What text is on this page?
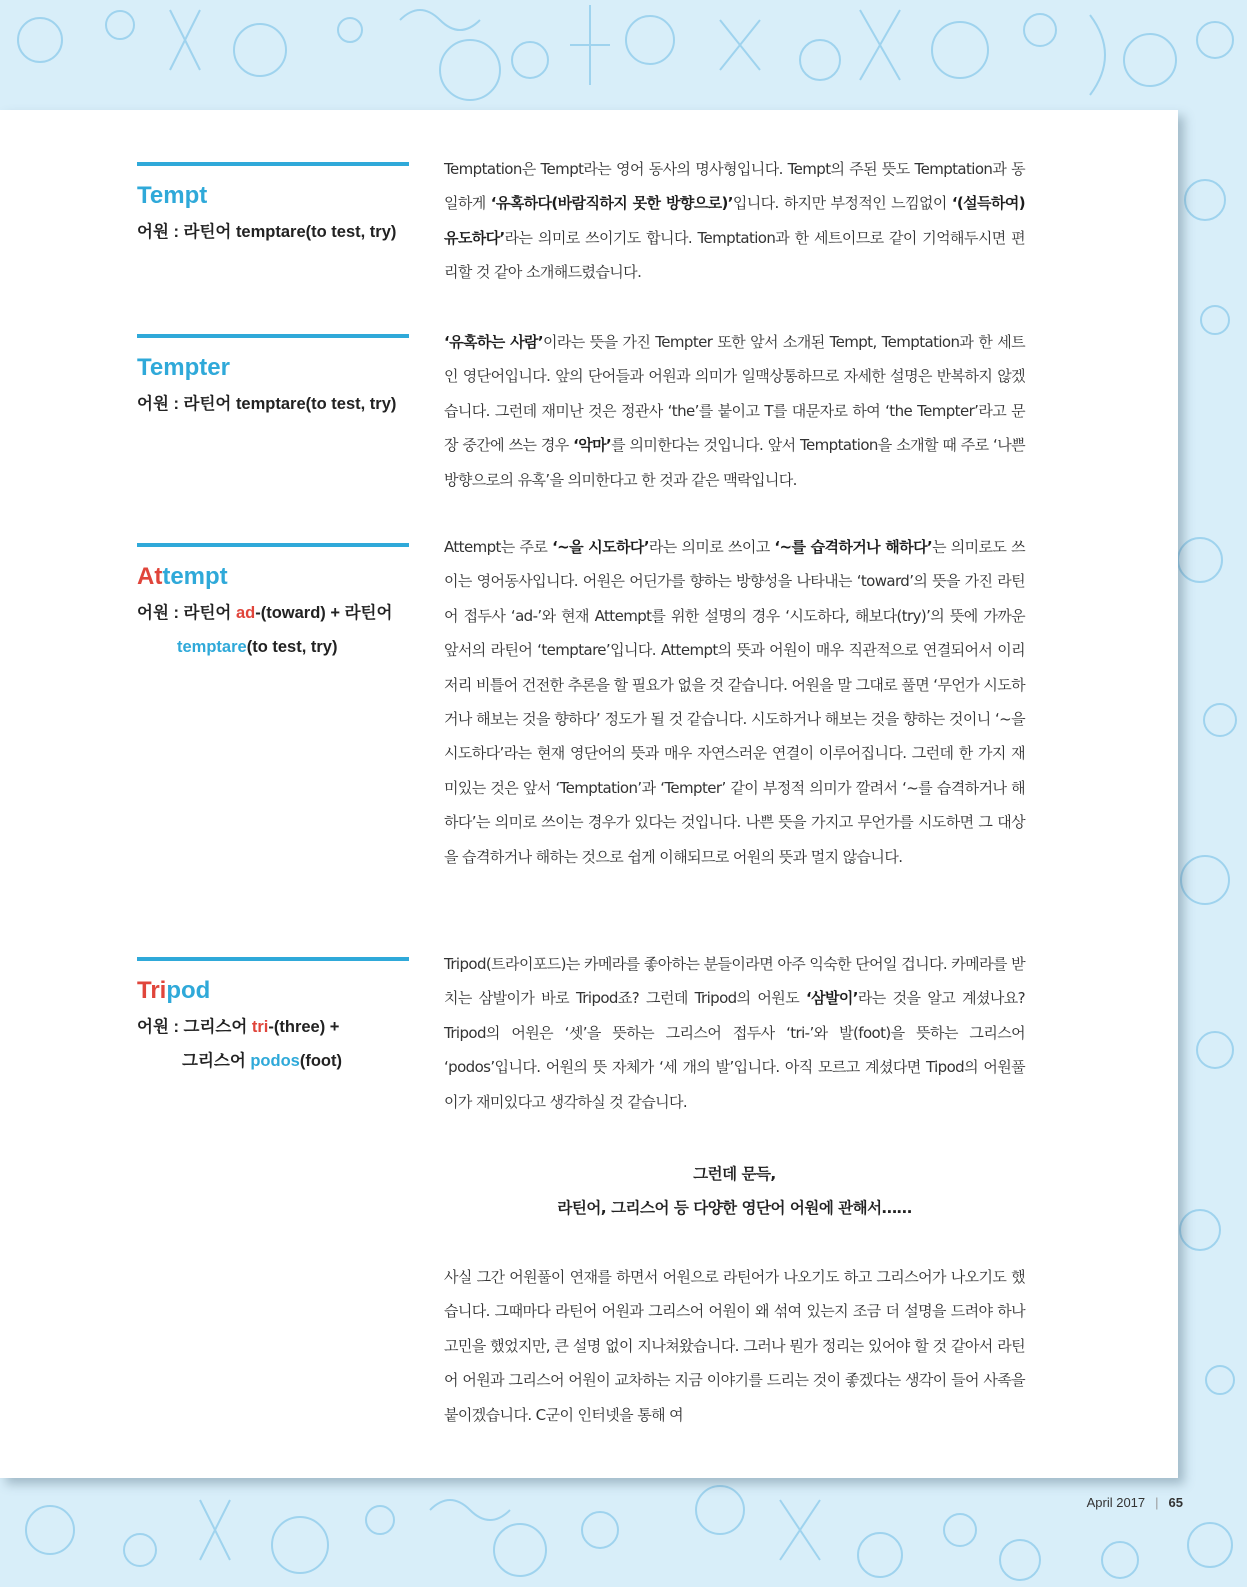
Tempt
어원 : 라틴어 temptare(to test, try)

Temptation은 Tempt라는 영어 동사의 명사형입니다. Tempt의 주된 뜻도 Temptation과 동일하게 ‘유혹하다(바람직하지 못한 방향으로)’입니다. 하지만 부정적인 느낌없이 ‘(설득하여) 유도하다’라는 의미로 쓰이기도 합니다. Temptation과 한 세트이므로 같이 기억해두시면 편리할 것 같아 소개해드렸습니다.

Tempter
어원 : 라틴어 temptare(to test, try)

‘유혹하는 사람’이라는 뜻을 가진 Tempter 또한 앞서 소개된 Tempt, Temptation과 한 세트인 영단어입니다. 앞의 단어들과 어원과 의미가 일맥상통하므로 자세한 설명은 반복하지 않겠습니다. 그런데 재미난 것은 정관사 ‘the’를 붙이고 T를 대문자로 하여 ‘the Tempter’라고 문장 중간에 쓰는 경우 ‘악마’를 의미한다는 것입니다. 앞서 Temptation을 소개할 때 주로 ‘나쁜 방향으로의 유혹’을 의미한다고 한 것과 같은 맥락입니다.

Attempt
어원 : 라틴어 ad-(toward) + 라틴어
temptare(to test, try)

Attempt는 주로 ‘~을 시도하다’라는 의미로 쓰이고 ‘~를 습격하거나 해하다’는 의미로도 쓰이는 영어동사입니다. 어원은 어딘가를 향하는 방향성을 나타내는 ‘toward’의 뜻을 가진 라틴어 접두사 ‘ad-’와 현재 Attempt를 위한 설명의 경우 ‘시도하다, 해보다(try)’의 뜻에 가까운 앞서의 라틴어 ‘temptare’입니다. Attempt의 뜻과 어원이 매우 직관적으로 연결되어서 이리저리 비틀어 건전한 추론을 할 필요가 없을 것 같습니다. 어원을 말 그대로 풀면 ‘무언가 시도하거나 해보는 것을 향하다’ 정도가 될 것 같습니다. 시도하거나 해보는 것을 향하는 것이니 ‘~을 시도하다’라는 현재 영단어의 뜻과 매우 자연스러운 연결이 이루어집니다. 그런데 한 가지 재미있는 것은 앞서 ‘Temptation’과 ‘Tempter’ 같이 부정적 의미가 깔려서 ‘~를 습격하거나 해하다’는 의미로 쓰이는 경우가 있다는 것입니다. 나쁜 뜻을 가지고 무언가를 시도하면 그 대상을 습격하거나 해하는 것으로 쉽게 이해되므로 어원의 뜻과 멀지 않습니다.

Tripod
어원 : 그리스어 tri-(three) +
그리스어 podos(foot)

Tripod(트라이포드)는 카메라를 좋아하는 분들이라면 아주 익숙한 단어일 겁니다. 카메라를 받치는 삼발이가 바로 Tripod죠? 그런데 Tripod의 어원도 ‘삼발이’라는 것을 알고 계셨나요? Tripod의 어원은 ‘셋’을 뜻하는 그리스어 접두사 ‘tri-’와 발(foot)을 뜻하는 그리스어 ‘podos’입니다. 어원의 뜻 자체가 ‘세 개의 발’입니다. 아직 모르고 계셨다면 Tipod의 어원풀이가 재미있다고 생각하실 것 같습니다.

그런데 문득,
라틴어, 그리스어 등 다양한 영단어 어원에 관해서……

사실 그간 어원풀이 연재를 하면서 어원으로 라틴어가 나오기도 하고 그리스어가 나오기도 했습니다. 그때마다 라틴어 어원과 그리스어 어원이 왜 섞여 있는지 조금 더 설명을 드려야 하나 고민을 했었지만, 큰 설명 없이 지나쳐왔습니다. 그러나 뭔가 정리는 있어야 할 것 같아서 라틴어 어원과 그리스어 어원이 교차하는 지금 이야기를 드리는 것이 좋겠다는 생각이 들어 사족을 붙이겠습니다. C군이 인터넷을 통해 여

April 2017 | 65
